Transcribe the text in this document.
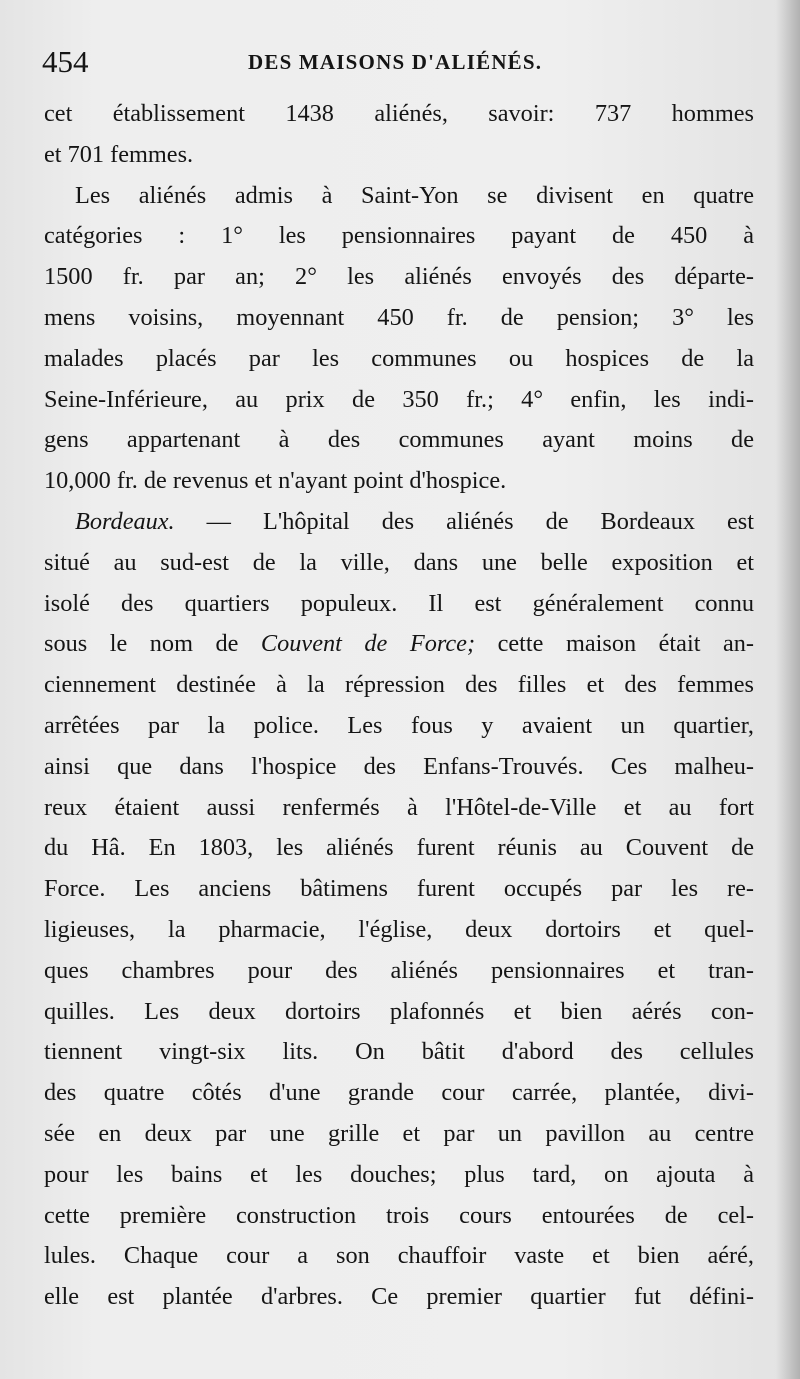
454	DES MAISONS D'ALIÉNÉS.
cet établissement 1438 aliénés, savoir: 737 hommes
et 701 femmes.
Les aliénés admis à Saint-Yon se divisent en quatre
catégories : 1° les pensionnaires payant de 450 à
1500 fr. par an; 2° les aliénés envoyés des départe-
mens voisins, moyennant 450 fr. de pension; 3° les
malades placés par les communes ou hospices de la
Seine-Inférieure, au prix de 350 fr.; 4° enfin, les indi-
gens appartenant à des communes ayant moins de
10,000 fr. de revenus et n'ayant point d'hospice.
Bordeaux. — L'hôpital des aliénés de Bordeaux est
situé au sud-est de la ville, dans une belle exposition et
isolé des quartiers populeux. Il est généralement connu
sous le nom de Couvent de Force; cette maison était an-
ciennement destinée à la répression des filles et des femmes
arrêtées par la police. Les fous y avaient un quartier,
ainsi que dans l'hospice des Enfans-Trouvés. Ces malheu-
reux étaient aussi renfermés à l'Hôtel-de-Ville et au fort
du Hâ. En 1803, les aliénés furent réunis au Couvent de
Force. Les anciens bâtimens furent occupés par les re-
ligieuses, la pharmacie, l'église, deux dortoirs et quel-
ques chambres pour des aliénés pensionnaires et tran-
quilles. Les deux dortoirs plafonnés et bien aérés con-
tiennent vingt-six lits. On bâtit d'abord des cellules
des quatre côtés d'une grande cour carrée, plantée, divi-
sée en deux par une grille et par un pavillon au centre
pour les bains et les douches; plus tard, on ajouta à
cette première construction trois cours entourées de cel-
lules. Chaque cour a son chauffoir vaste et bien aéré,
elle est plantée d'arbres. Ce premier quartier fut défini-
